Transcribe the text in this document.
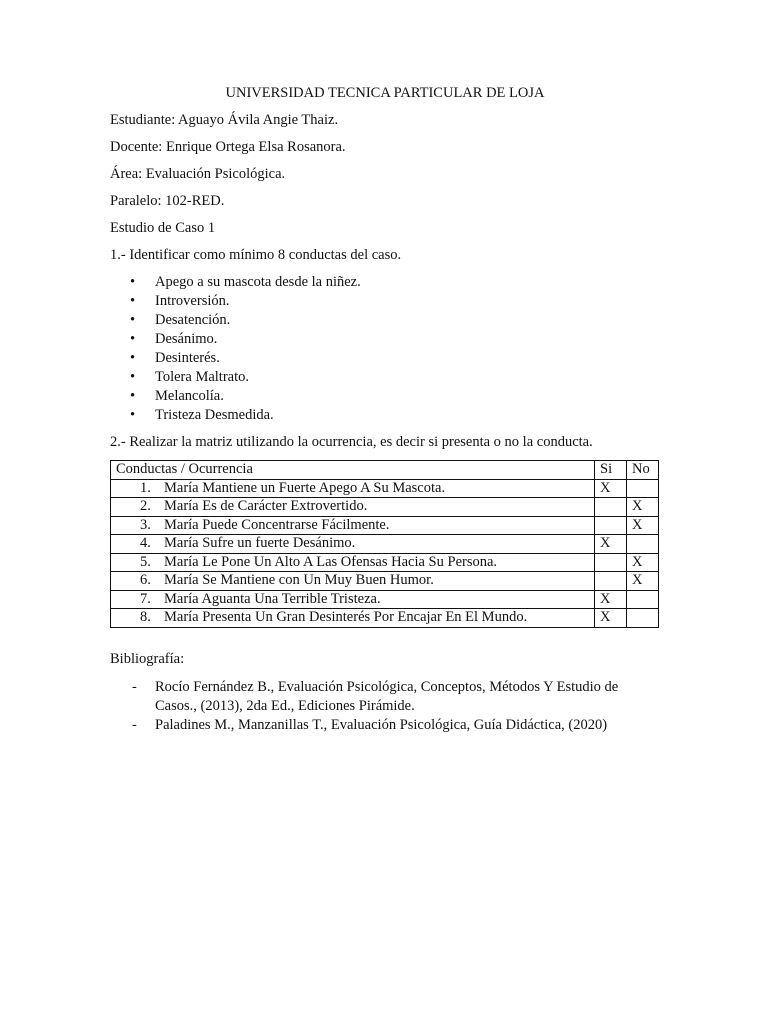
UNIVERSIDAD TECNICA PARTICULAR DE LOJA
Estudiante: Aguayo Ávila Angie Thaiz.
Docente: Enrique Ortega Elsa Rosanora.
Área: Evaluación Psicológica.
Paralelo: 102-RED.
Estudio de Caso 1
1.- Identificar como mínimo 8 conductas del caso.
• Apego a su mascota desde la niñez.
• Introversión.
• Desatención.
• Desánimo.
• Desinterés.
• Tolera Maltrato.
• Melancolía.
• Tristeza Desmedida.
2.- Realizar la matriz utilizando la ocurrencia, es decir si presenta o no la conducta.
Conductas / Ocurrencia	Si	No
1. María Mantiene un Fuerte Apego A Su Mascota.	X	
2. María Es de Carácter Extrovertido.		X
3. María Puede Concentrarse Fácilmente.		X
4. María Sufre un fuerte Desánimo.	X	
5. María Le Pone Un Alto A Las Ofensas Hacia Su Persona.		X
6. María Se Mantiene con Un Muy Buen Humor.		X
7. María Aguanta Una Terrible Tristeza.	X	
8. María Presenta Un Gran Desinterés Por Encajar En El Mundo.	X	
Bibliografía:
- Rocío Fernández B., Evaluación Psicológica, Conceptos, Métodos Y Estudio de Casos., (2013), 2da Ed., Ediciones Pirámide.
- Paladines M., Manzanillas T., Evaluación Psicológica, Guía Didáctica, (2020)
